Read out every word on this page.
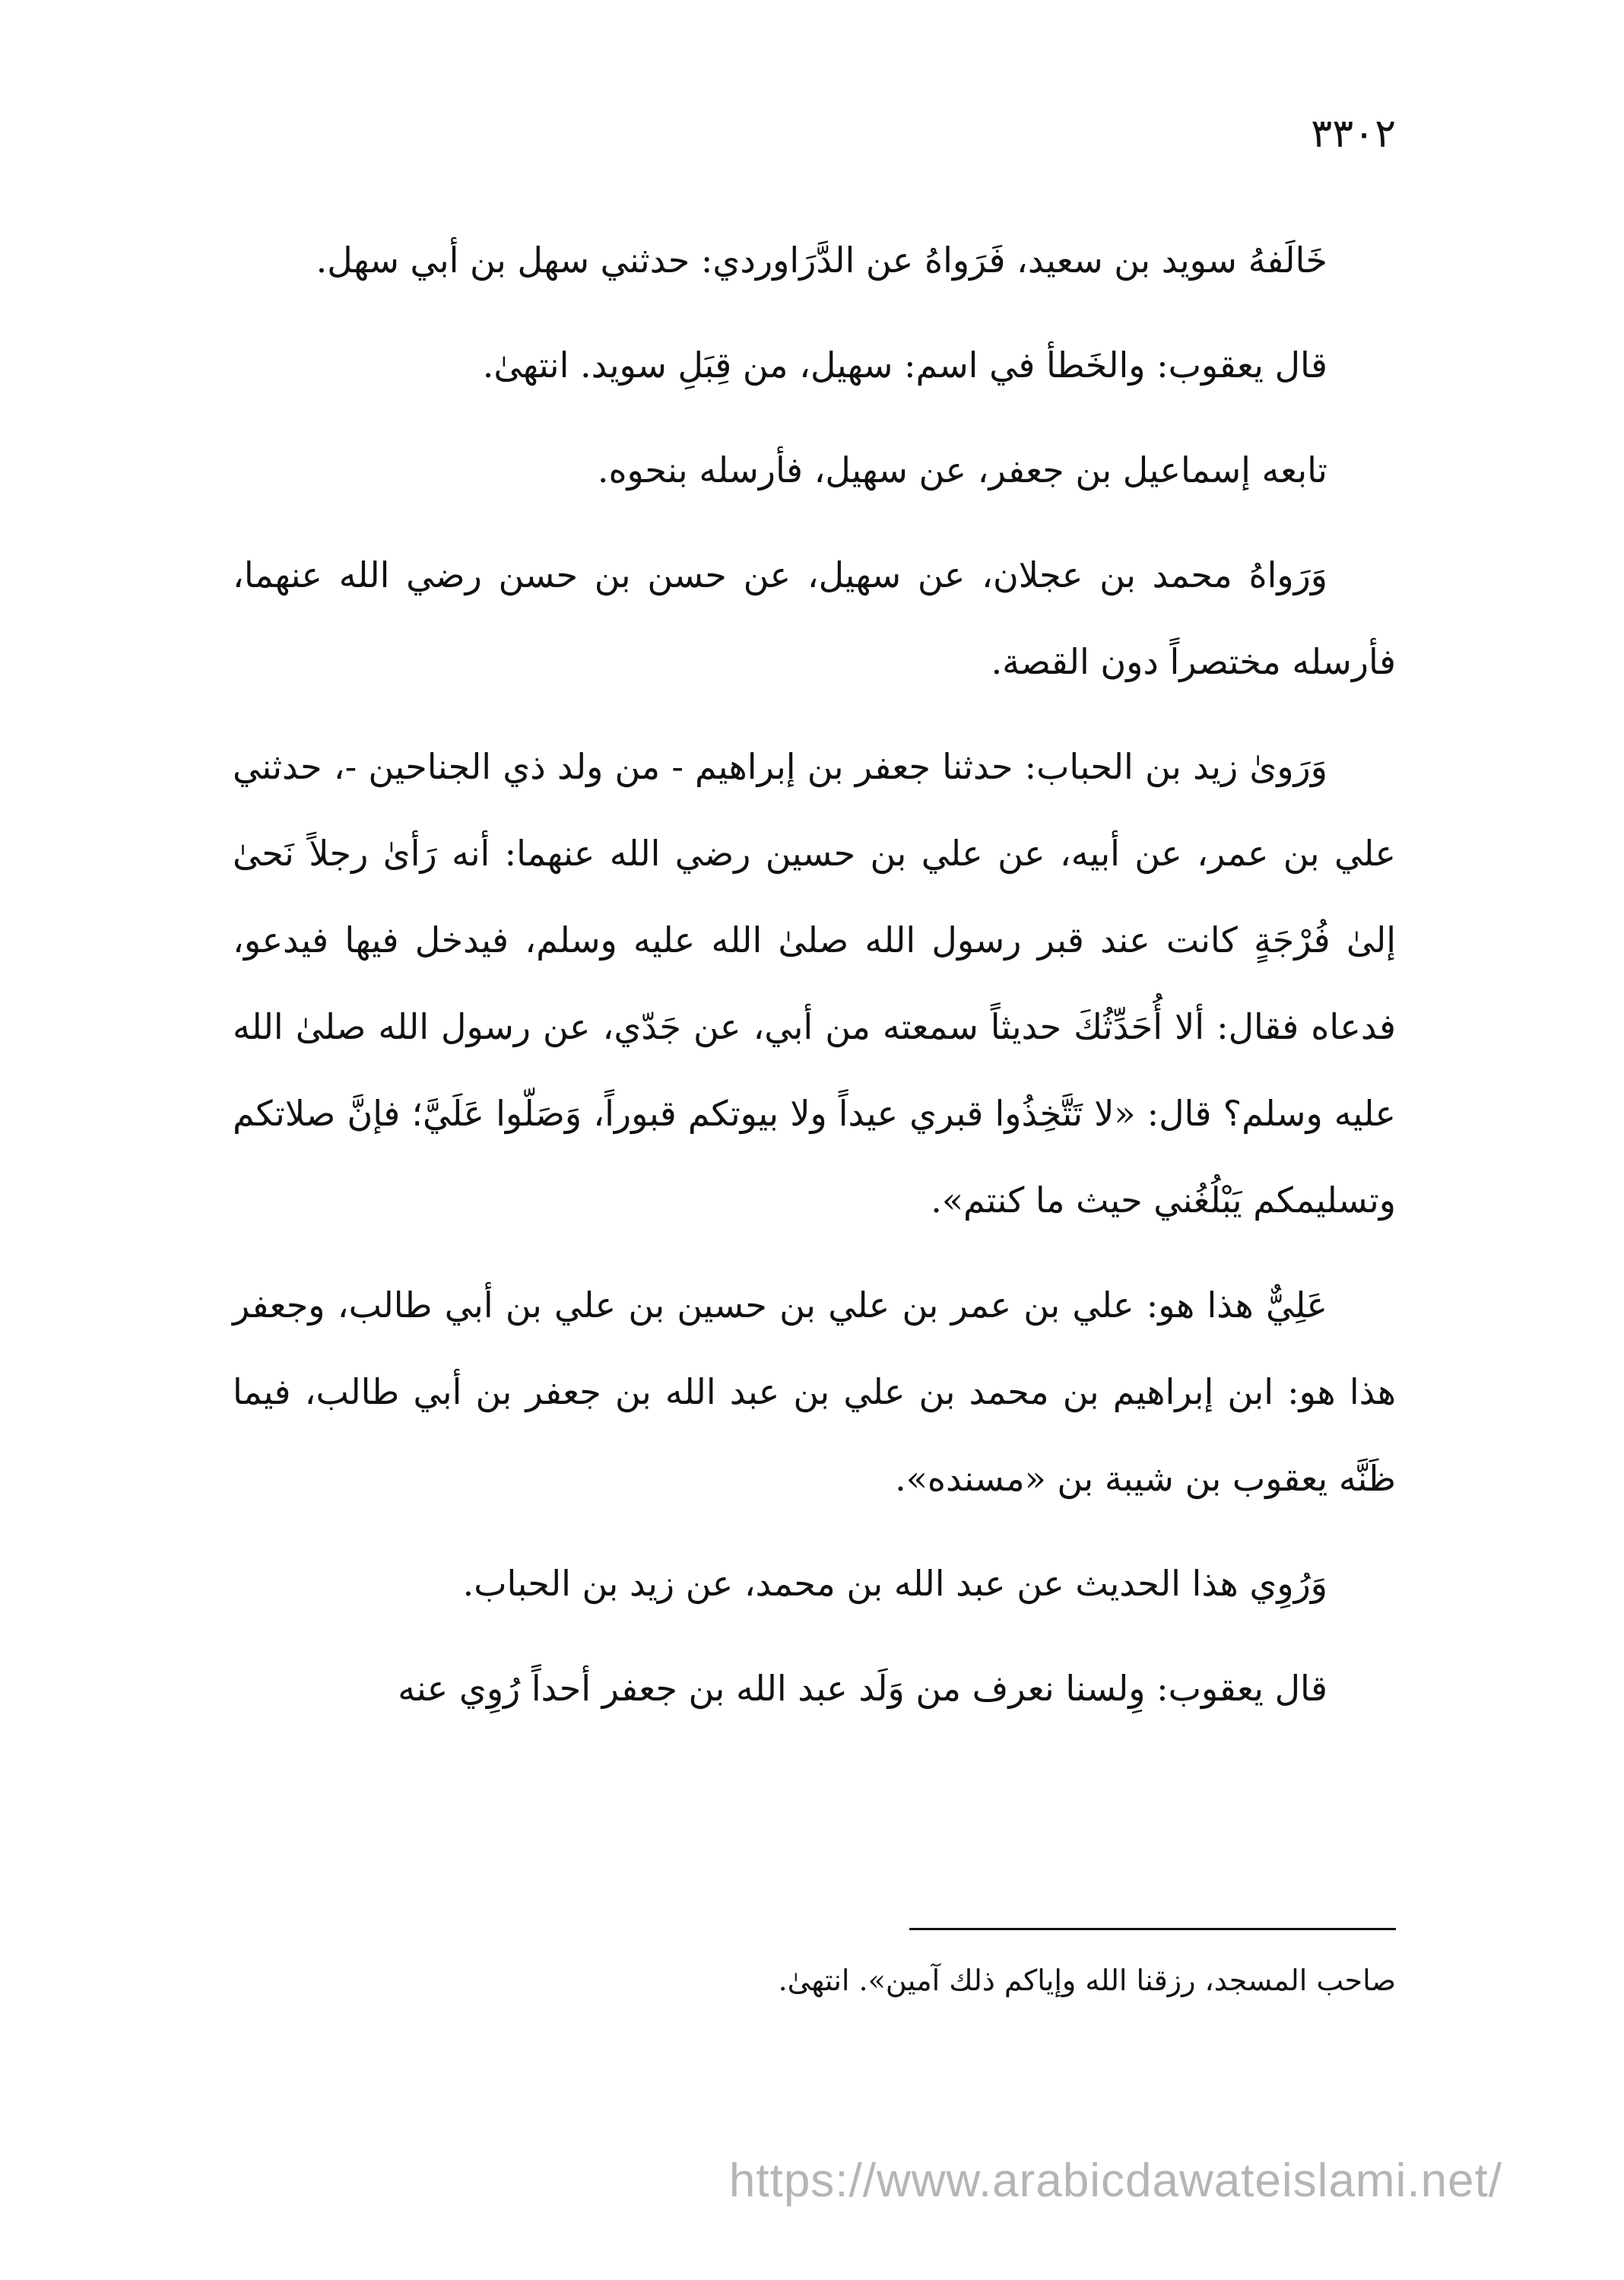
٣٣٠٢

خَالَفهُ سويد بن سعيد، فَرَواهُ عن الدَّرَاوردي: حدثني سهل بن أبي سهل.

قال يعقوب: والخَطأ في اسم: سهيل، من قِبَلِ سويد. انتهىٰ.

تابعه إسماعيل بن جعفر، عن سهيل، فأرسله بنحوه.

وَرَواهُ محمد بن عجلان، عن سهيل، عن حسن بن حسن رضي الله عنهما، فأرسله مختصراً دون القصة.

وَرَوىٰ زيد بن الحباب: حدثنا جعفر بن إبراهيم - من ولد ذي الجناحين -، حدثني علي بن عمر، عن أبيه، عن علي بن حسين رضي الله عنهما: أنه رَأىٰ رجلاً نَحىٰ إلىٰ فُرْجَةٍ كانت عند قبر رسول الله صلىٰ الله عليه وسلم، فيدخل فيها فيدعو، فدعاه فقال: ألا أُحَدِّثُكَ حديثاً سمعته من أبي، عن جَدّي، عن رسول الله صلىٰ الله عليه وسلم؟ قال: «لا تَتَّخِذُوا قبري عيداً ولا بيوتكم قبوراً، وَصَلّوا عَلَيَّ؛ فإنَّ صلاتكم وتسليمكم يَبْلُغُني حيث ما كنتم».

عَلِيٌّ هذا هو: علي بن عمر بن علي بن حسين بن علي بن أبي طالب، وجعفر هذا هو: ابن إبراهيم بن محمد بن علي بن عبد الله بن جعفر بن أبي طالب، فيما ظَنَّه يعقوب بن شيبة بن «مسنده».

وَرُوِي هذا الحديث عن عبد الله بن محمد، عن زيد بن الحباب.

قال يعقوب: وِلسنا نعرف من وَلَد عبد الله بن جعفر أحداً رُوِي عنه

صاحب المسجد، رزقنا الله وإياكم ذلك آمين». انتهىٰ.
https://www.arabicdawateislami.net/
